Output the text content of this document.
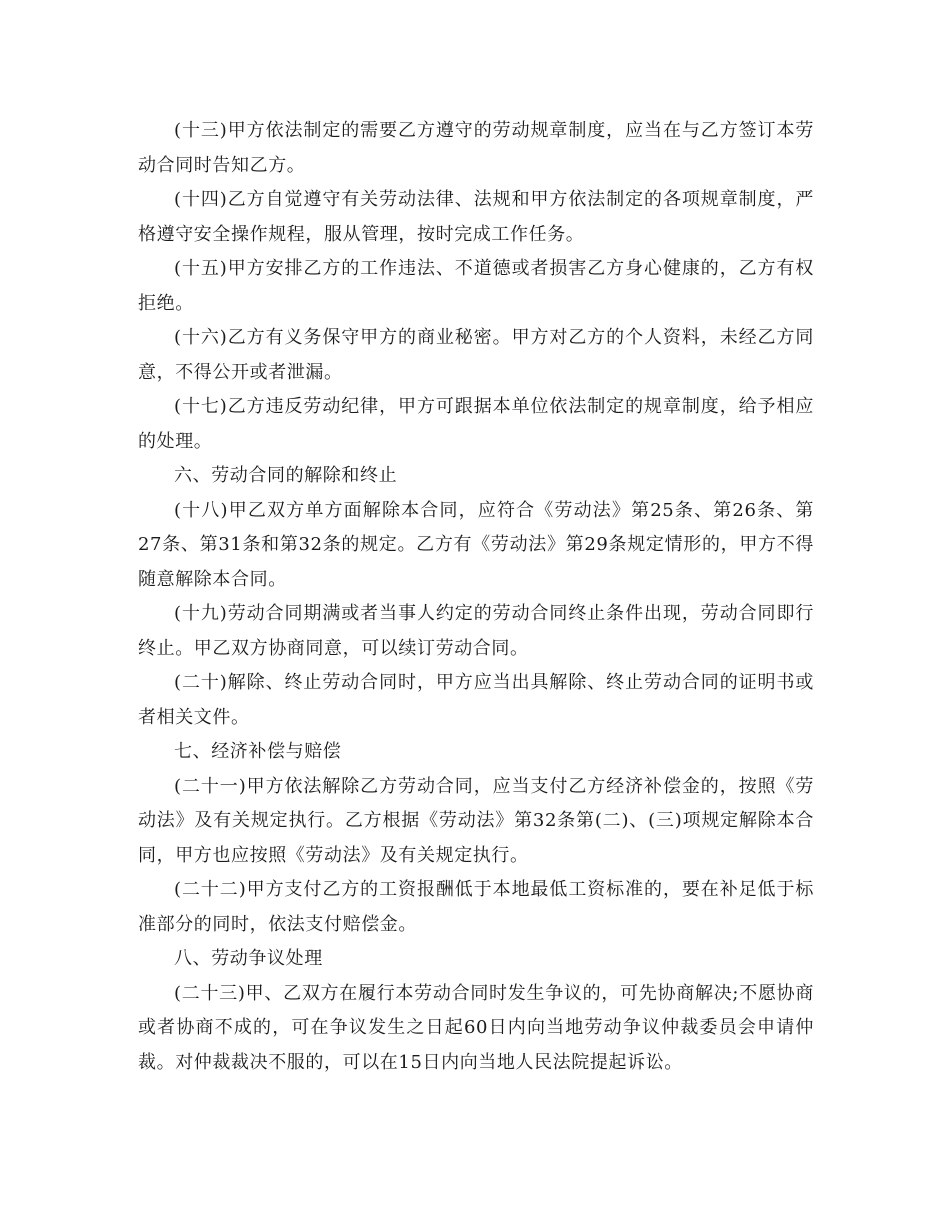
(十三)甲方依法制定的需要乙方遵守的劳动规章制度，应当在与乙方签订本劳动合同时告知乙方。

(十四)乙方自觉遵守有关劳动法律、法规和甲方依法制定的各项规章制度，严格遵守安全操作规程，服从管理，按时完成工作任务。

(十五)甲方安排乙方的工作违法、不道德或者损害乙方身心健康的，乙方有权拒绝。

(十六)乙方有义务保守甲方的商业秘密。甲方对乙方的个人资料，未经乙方同意，不得公开或者泄漏。

(十七)乙方违反劳动纪律，甲方可跟据本单位依法制定的规章制度，给予相应的处理。

六、劳动合同的解除和终止

(十八)甲乙双方单方面解除本合同，应符合《劳动法》第25条、第26条、第27条、第31条和第32条的规定。乙方有《劳动法》第29条规定情形的，甲方不得随意解除本合同。

(十九)劳动合同期满或者当事人约定的劳动合同终止条件出现，劳动合同即行终止。甲乙双方协商同意，可以续订劳动合同。

(二十)解除、终止劳动合同时，甲方应当出具解除、终止劳动合同的证明书或者相关文件。

七、经济补偿与赔偿

(二十一)甲方依法解除乙方劳动合同，应当支付乙方经济补偿金的，按照《劳动法》及有关规定执行。乙方根据《劳动法》第32条第(二)、(三)项规定解除本合同，甲方也应按照《劳动法》及有关规定执行。

(二十二)甲方支付乙方的工资报酬低于本地最低工资标准的，要在补足低于标准部分的同时，依法支付赔偿金。

八、劳动争议处理

(二十三)甲、乙双方在履行本劳动合同时发生争议的，可先协商解决;不愿协商或者协商不成的，可在争议发生之日起60日内向当地劳动争议仲裁委员会申请仲裁。对仲裁裁决不服的，可以在15日内向当地人民法院提起诉讼。
